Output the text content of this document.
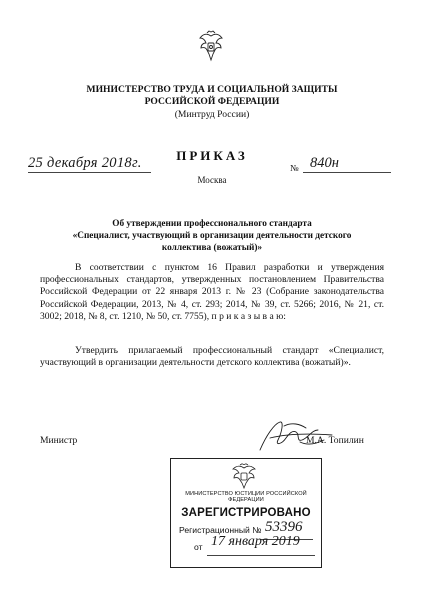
МИНИСТЕРСТВО ТРУДА И СОЦИАЛЬНОЙ ЗАЩИТЫ
РОССИЙСКОЙ ФЕДЕРАЦИИ
(Минтруд России)
ПРИКАЗ
25 декабря 2018г.	№ 840н
Москва
Об утверждении профессионального стандарта
«Специалист, участвующий в организации деятельности детского
коллектива (вожатый)»
В соответствии с пунктом 16 Правил разработки и утверждения профессиональных стандартов, утвержденных постановлением Правительства Российской Федерации от 22 января 2013 г. № 23 (Собрание законодательства Российской Федерации, 2013, № 4, ст. 293; 2014, № 39, ст. 5266; 2016, № 21, ст. 3002; 2018, № 8, ст. 1210, № 50, ст. 7755), п р и к а з ы в а ю:
Утвердить прилагаемый профессиональный стандарт «Специалист, участвующий в организации деятельности детского коллектива (вожатый)».
Министр	М.А. Топилин
МИНИСТЕРСТВО ЮСТИЦИИ РОССИЙСКОЙ ФЕДЕРАЦИИ
ЗАРЕГИСТРИРОВАНО
Регистрационный № 53396
от 17 января 2019
